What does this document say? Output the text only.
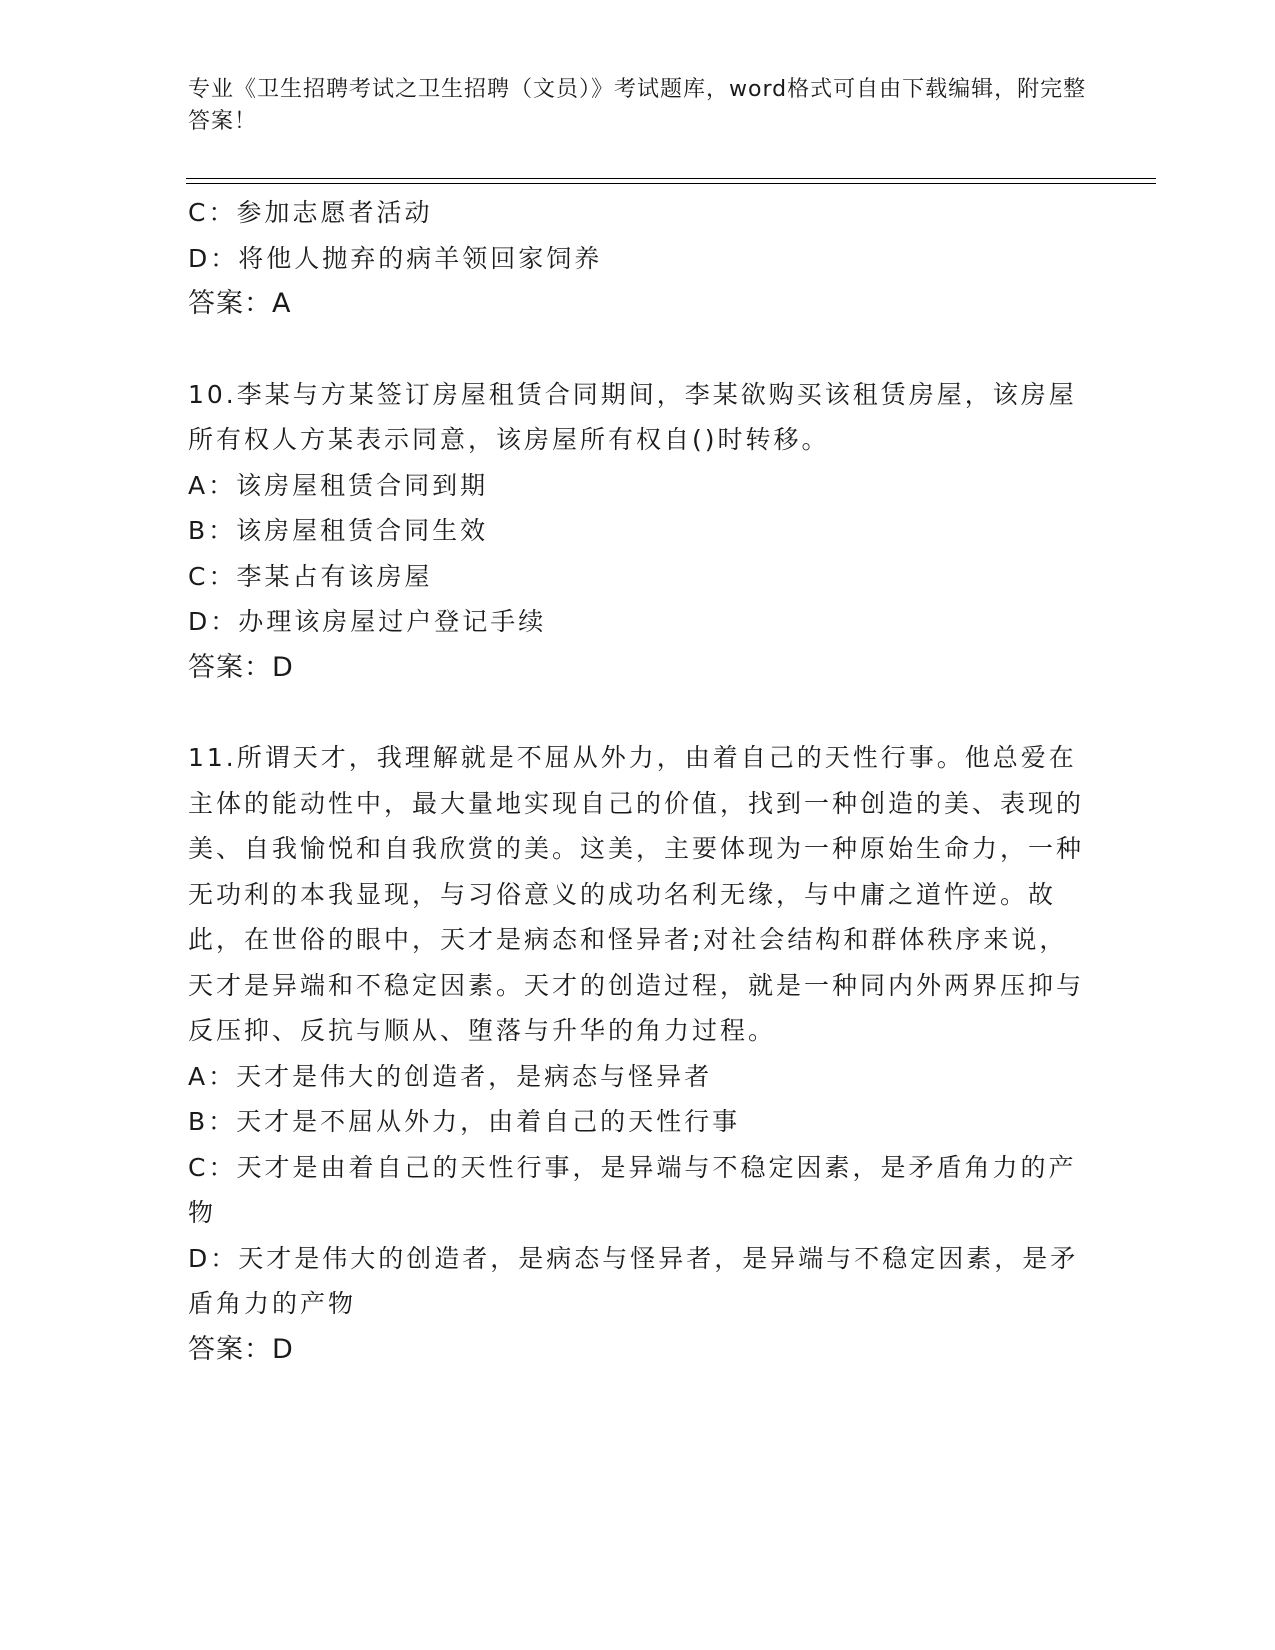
专业《卫生招聘考试之卫生招聘（文员）》考试题库，word格式可自由下载编辑，附完整答案！

C：参加志愿者活动

D：将他人抛弃的病羊领回家饲养

答案：A

10.李某与方某签订房屋租赁合同期间，李某欲购买该租赁房屋，该房屋所有权人方某表示同意，该房屋所有权自()时转移。

A：该房屋租赁合同到期

B：该房屋租赁合同生效

C：李某占有该房屋

D：办理该房屋过户登记手续

答案：D

11.所谓天才，我理解就是不屈从外力，由着自己的天性行事。他总爱在主体的能动性中，最大量地实现自己的价值，找到一种创造的美、表现的美、自我愉悦和自我欣赏的美。这美，主要体现为一种原始生命力，一种无功利的本我显现，与习俗意义的成功名利无缘，与中庸之道忤逆。故此，在世俗的眼中，天才是病态和怪异者;对社会结构和群体秩序来说，天才是异端和不稳定因素。天才的创造过程，就是一种同内外两界压抑与反压抑、反抗与顺从、堕落与升华的角力过程。

A：天才是伟大的创造者，是病态与怪异者

B：天才是不屈从外力，由着自己的天性行事

C：天才是由着自己的天性行事，是异端与不稳定因素，是矛盾角力的产物

D：天才是伟大的创造者，是病态与怪异者，是异端与不稳定因素，是矛盾角力的产物

答案：D
